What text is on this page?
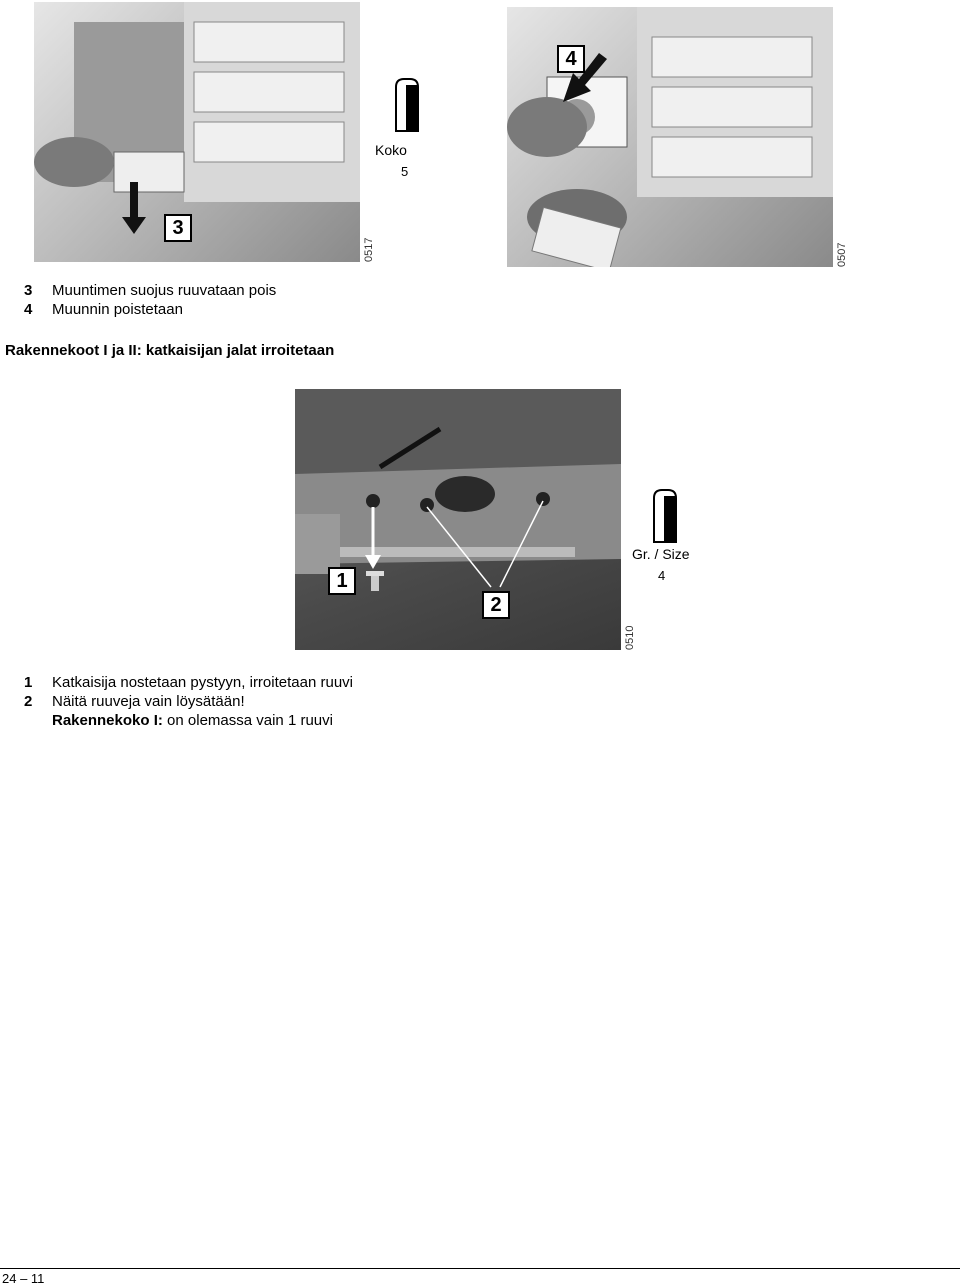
3
0517
Koko
5
4
0507
3 Muuntimen suojus ruuvataan pois
4 Muunnin poistetaan
Rakennekoot I ja II: katkaisijan jalat irroitetaan
1
2
0510
Gr. / Size
4
1 Katkaisija nostetaan pystyyn, irroitetaan ruuvi
2 Näitä ruuveja vain löysätään!
Rakennekoko I: on olemassa vain 1 ruuvi
24 – 11
